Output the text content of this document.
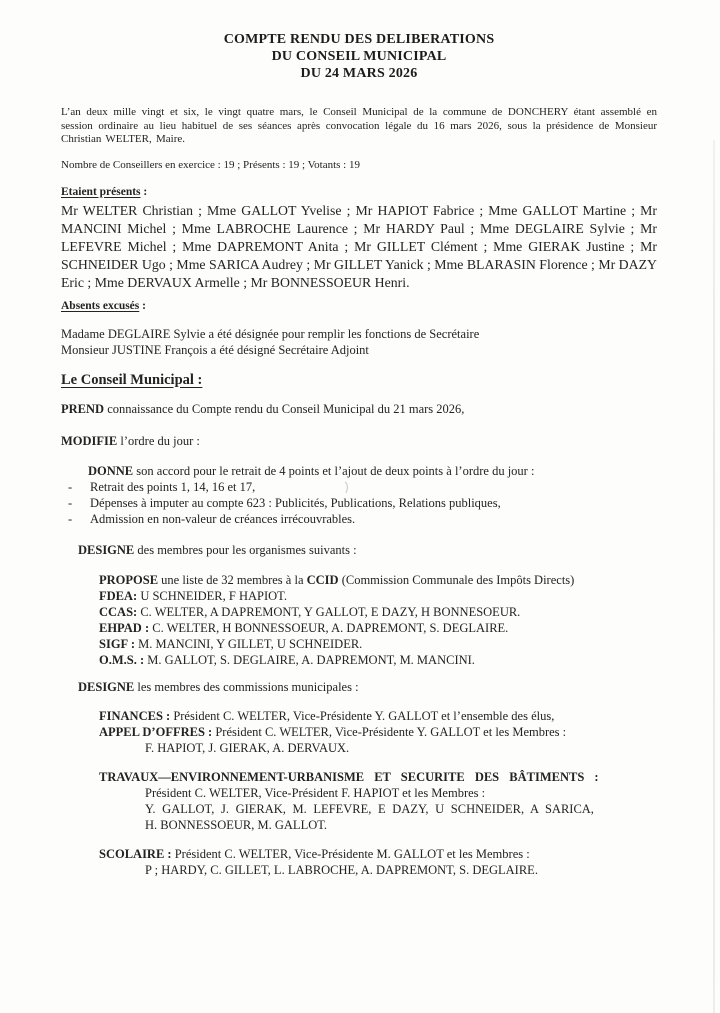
COMPTE RENDU DES DELIBERATIONS
DU CONSEIL MUNICIPAL
DU 24 MARS 2026

L’an deux mille vingt et six, le vingt quatre mars, le Conseil Municipal de la commune de DONCHERY étant assemblé en session ordinaire au lieu habituel de ses séances après convocation légale du 16 mars 2026, sous la présidence de Monsieur Christian WELTER, Maire.

Nombre de Conseillers en exercice : 19 ; Présents : 19 ; Votants : 19
Etaient présents :
Mr WELTER Christian ; Mme GALLOT Yvelise ; Mr HAPIOT Fabrice ; Mme GALLOT Martine ; Mr MANCINI Michel ; Mme LABROCHE Laurence ; Mr HARDY Paul ; Mme DEGLAIRE Sylvie ; Mr LEFEVRE Michel ; Mme DAPREMONT Anita ; Mr GILLET Clément ; Mme GIERAK Justine ; Mr SCHNEIDER Ugo ; Mme SARICA Audrey ; Mr GILLET Yanick ; Mme BLARASIN Florence ; Mr DAZY Eric ; Mme DERVAUX Armelle ; Mr BONNESSOEUR Henri.
Absents excusés :
Madame DEGLAIRE Sylvie a été désignée pour remplir les fonctions de Secrétaire
Monsieur JUSTINE François a été désigné Secrétaire Adjoint
Le Conseil Municipal :
PREND connaissance du Compte rendu du Conseil Municipal du 21 mars 2026,
MODIFIE l’ordre du jour :
DONNE son accord pour le retrait de 4 points et l’ajout de deux points à l’ordre du jour :
- Retrait des points 1, 14, 16 et 17,
- Dépenses à imputer au compte 623 : Publicités, Publications, Relations publiques,
- Admission en non-valeur de créances irrécouvrables.
DESIGNE des membres pour les organismes suivants :
PROPOSE une liste de 32 membres à la CCID (Commission Communale des Impôts Directs)
FDEA: U SCHNEIDER, F HAPIOT.
CCAS: C. WELTER, A DAPREMONT, Y GALLOT, E DAZY, H BONNESOEUR.
EHPAD : C. WELTER, H BONNESSOEUR, A. DAPREMONT, S. DEGLAIRE.
SIGF : M. MANCINI, Y GILLET, U SCHNEIDER.
O.M.S. : M. GALLOT, S. DEGLAIRE, A. DAPREMONT, M. MANCINI.
DESIGNE les membres des commissions municipales :
FINANCES : Président C. WELTER, Vice-Présidente Y. GALLOT et l’ensemble des élus,
APPEL D’OFFRES : Président C. WELTER, Vice-Présidente Y. GALLOT et les Membres :
F. HAPIOT, J. GIERAK, A. DERVAUX.
TRAVAUX—ENVIRONNEMENT-URBANISME ET SECURITE DES BÂTIMENTS :
Président C. WELTER, Vice-Président F. HAPIOT et les Membres :
Y. GALLOT, J. GIERAK, M. LEFEVRE, E DAZY, U SCHNEIDER, A SARICA,
H. BONNESSOEUR, M. GALLOT.
SCOLAIRE : Président C. WELTER, Vice-Présidente M. GALLOT et les Membres :
P ; HARDY, C. GILLET, L. LABROCHE, A. DAPREMONT, S. DEGLAIRE.
